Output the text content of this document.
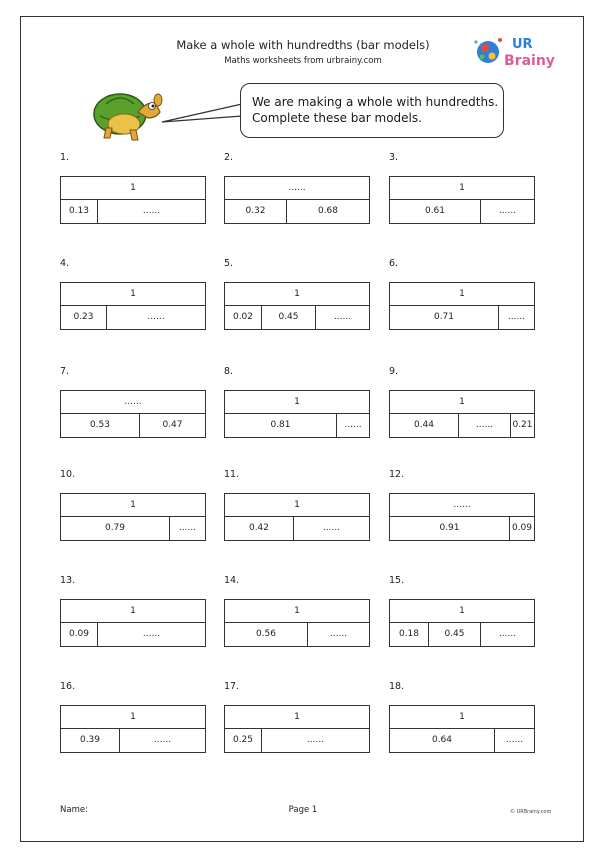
Make a whole with hundredths (bar models)
Maths worksheets from urbrainy.com
UR
Brainy
We are making a whole with hundredths.
Complete these bar models.
1.
1
0.13	......
2.
......
0.32	0.68
3.
1
0.61	......
4.
1
0.23	......
5.
1
0.02	0.45	......
6.
1
0.71	......
7.
......
0.53	0.47
8.
1
0.81	......
9.
1
0.44	......	0.21
10.
1
0.79	......
11.
1
0.42	......
12.
......
0.91	0.09
13.
1
0.09	......
14.
1
0.56	......
15.
1
0.18	0.45	......
16.
1
0.39	......
17.
1
0.25	......
18.
1
0.64	......
Name:	Page 1	© URBrainy.com
